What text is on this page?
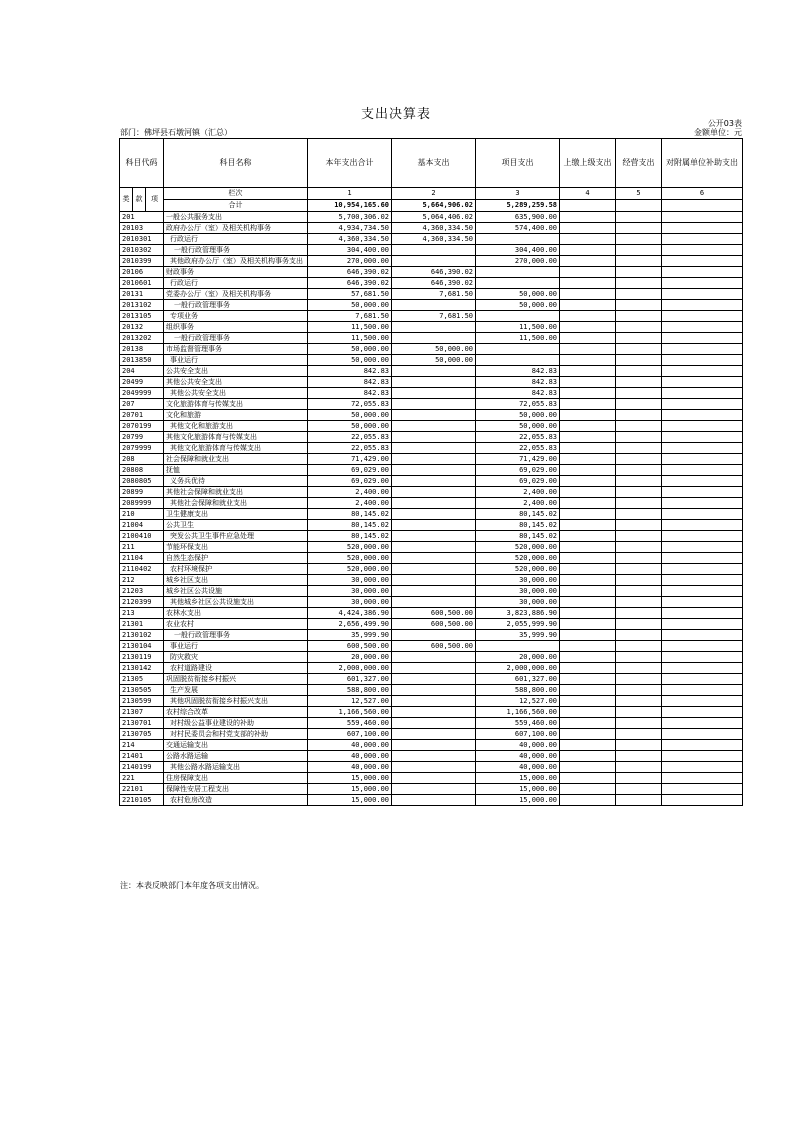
支出决算表
公开03表
部门：佛坪县石墩河镇（汇总）	金额单位：元
科目代码			科目名称	本年支出合计	基本支出	项目支出	上缴上级支出	经营支出	对附属单位补助支出
类	款	项	栏次	1	2	3	4	5	6
			合计	10,954,165.60	5,664,906.02	5,289,259.58			
201			一般公共服务支出	5,700,306.02	5,064,406.02	635,900.00			
20103			政府办公厅（室）及相关机构事务	4,934,734.50	4,360,334.50	574,400.00			
2010301			行政运行	4,360,334.50	4,360,334.50				
2010302			一般行政管理事务	304,400.00		304,400.00			
2010399			其他政府办公厅（室）及相关机构事务支出	270,000.00		270,000.00			
20106			财政事务	646,390.02	646,390.02				
2010601			行政运行	646,390.02	646,390.02				
20131			党委办公厅（室）及相关机构事务	57,681.50	7,681.50	50,000.00			
2013102			一般行政管理事务	50,000.00		50,000.00			
2013105			专项业务	7,681.50	7,681.50				
20132			组织事务	11,500.00		11,500.00			
2013202			一般行政管理事务	11,500.00		11,500.00			
20138			市场监督管理事务	50,000.00	50,000.00				
2013850			事业运行	50,000.00	50,000.00				
204			公共安全支出	842.83		842.83			
20499			其他公共安全支出	842.83		842.83			
2049999			其他公共安全支出	842.83		842.83			
207			文化旅游体育与传媒支出	72,055.83		72,055.83			
20701			文化和旅游	50,000.00		50,000.00			
2070199			其他文化和旅游支出	50,000.00		50,000.00			
20799			其他文化旅游体育与传媒支出	22,055.83		22,055.83			
2079999			其他文化旅游体育与传媒支出	22,055.83		22,055.83			
208			社会保障和就业支出	71,429.00		71,429.00			
20808			抚恤	69,029.00		69,029.00			
2080805			义务兵优待	69,029.00		69,029.00			
20899			其他社会保障和就业支出	2,400.00		2,400.00			
2089999			其他社会保障和就业支出	2,400.00		2,400.00			
210			卫生健康支出	80,145.02		80,145.02			
21004			公共卫生	80,145.02		80,145.02			
2100410			突发公共卫生事件应急处理	80,145.02		80,145.02			
211			节能环保支出	520,000.00		520,000.00			
21104			自然生态保护	520,000.00		520,000.00			
2110402			农村环境保护	520,000.00		520,000.00			
212			城乡社区支出	30,000.00		30,000.00			
21203			城乡社区公共设施	30,000.00		30,000.00			
2120399			其他城乡社区公共设施支出	30,000.00		30,000.00			
213			农林水支出	4,424,386.90	600,500.00	3,823,886.90			
21301			农业农村	2,656,499.90	600,500.00	2,055,999.90			
2130102			一般行政管理事务	35,999.90		35,999.90			
2130104			事业运行	600,500.00	600,500.00				
2130119			防灾救灾	20,000.00		20,000.00			
2130142			农村道路建设	2,000,000.00		2,000,000.00			
21305			巩固脱贫衔接乡村振兴	601,327.00		601,327.00			
2130505			生产发展	588,800.00		588,800.00			
2130599			其他巩固脱贫衔接乡村振兴支出	12,527.00		12,527.00			
21307			农村综合改革	1,166,560.00		1,166,560.00			
2130701			对村级公益事业建设的补助	559,460.00		559,460.00			
2130705			对村民委员会和村党支部的补助	607,100.00		607,100.00			
214			交通运输支出	40,000.00		40,000.00			
21401			公路水路运输	40,000.00		40,000.00			
2140199			其他公路水路运输支出	40,000.00		40,000.00			
221			住房保障支出	15,000.00		15,000.00			
22101			保障性安居工程支出	15,000.00		15,000.00			
2210105			农村危房改造	15,000.00		15,000.00			
注：本表反映部门本年度各项支出情况。
